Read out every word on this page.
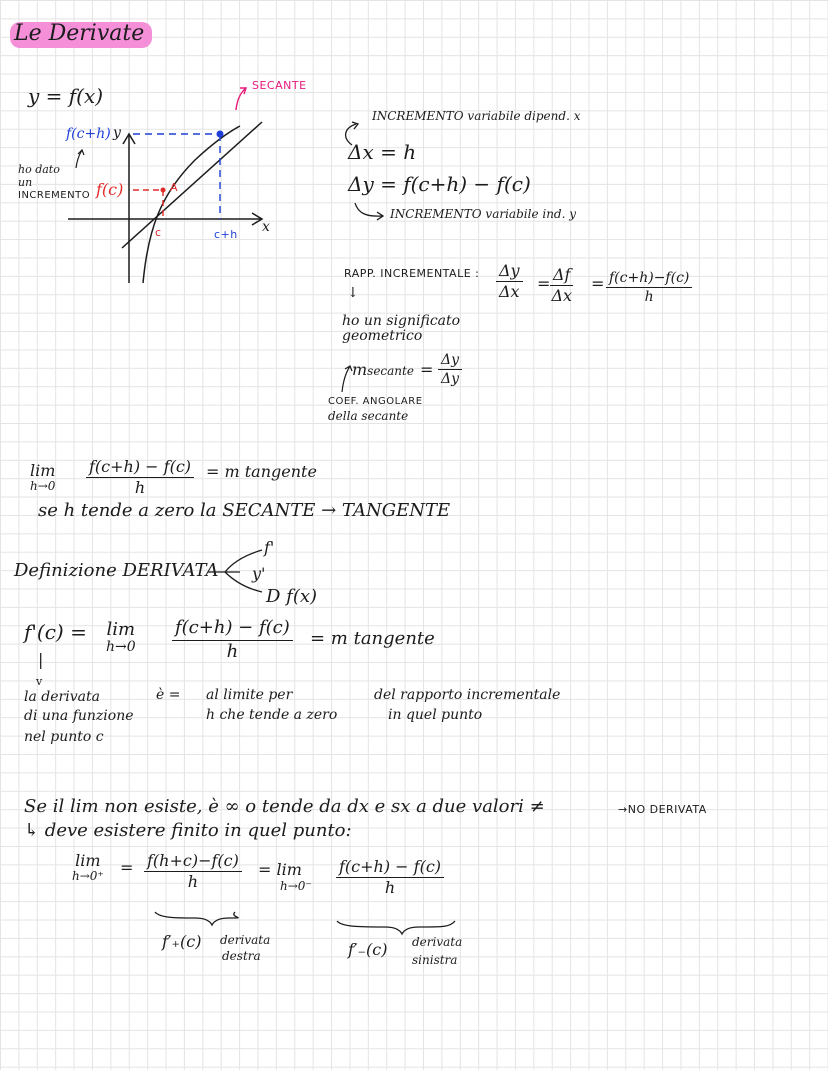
Le Derivate
y = f(x)	SECANTE
f(c+h) y
f(c)	A
c	c+h x
ho dato
un
INCREMENTO
INCREMENTO variabile dipend. x
Δx = h
Δy = f(c+h) − f(c)
INCREMENTO variabile ind. y
RAPP. INCREMENTALE : $\frac{\Delta y}{\Delta x} = \frac{\Delta f}{\Delta x} = \frac{f(c+h)-f(c)}{h}$
↓
ho un significato
geometrico
msecante = $\frac{\Delta y}{\Delta y}$
COEF. ANGOLARE
della secante
lim
$h\to 0 \frac{f(c+h) - f(c)}{h} = m$ tangente
se h tende a zero la SECANTE → TANGENTE
Definizione DERIVATA
f'
y'
D f(x)
f'(c) = lim
$h\to 0 \frac{f(c+h) - f(c)}{h} = m$ tangente
|
v
la derivata
di una funzione
nel punto c
è = al limite per
h che tende a zero
del rapporto incrementale
in quel punto
Se il lim non esiste, è ∞ o tende da dx e sx a due valori ≠	→NO DERIVATA
↳ deve esistere finito in quel punto:
lim
$h\to 0^+ = \frac{f(h+c)-f(c)}{h} = \lim$
$h\to 0^- \frac{f(c+h) - f(c)}{h}$
f′₊(c) derivata
destra	f′₋(c) derivata
sinistra
